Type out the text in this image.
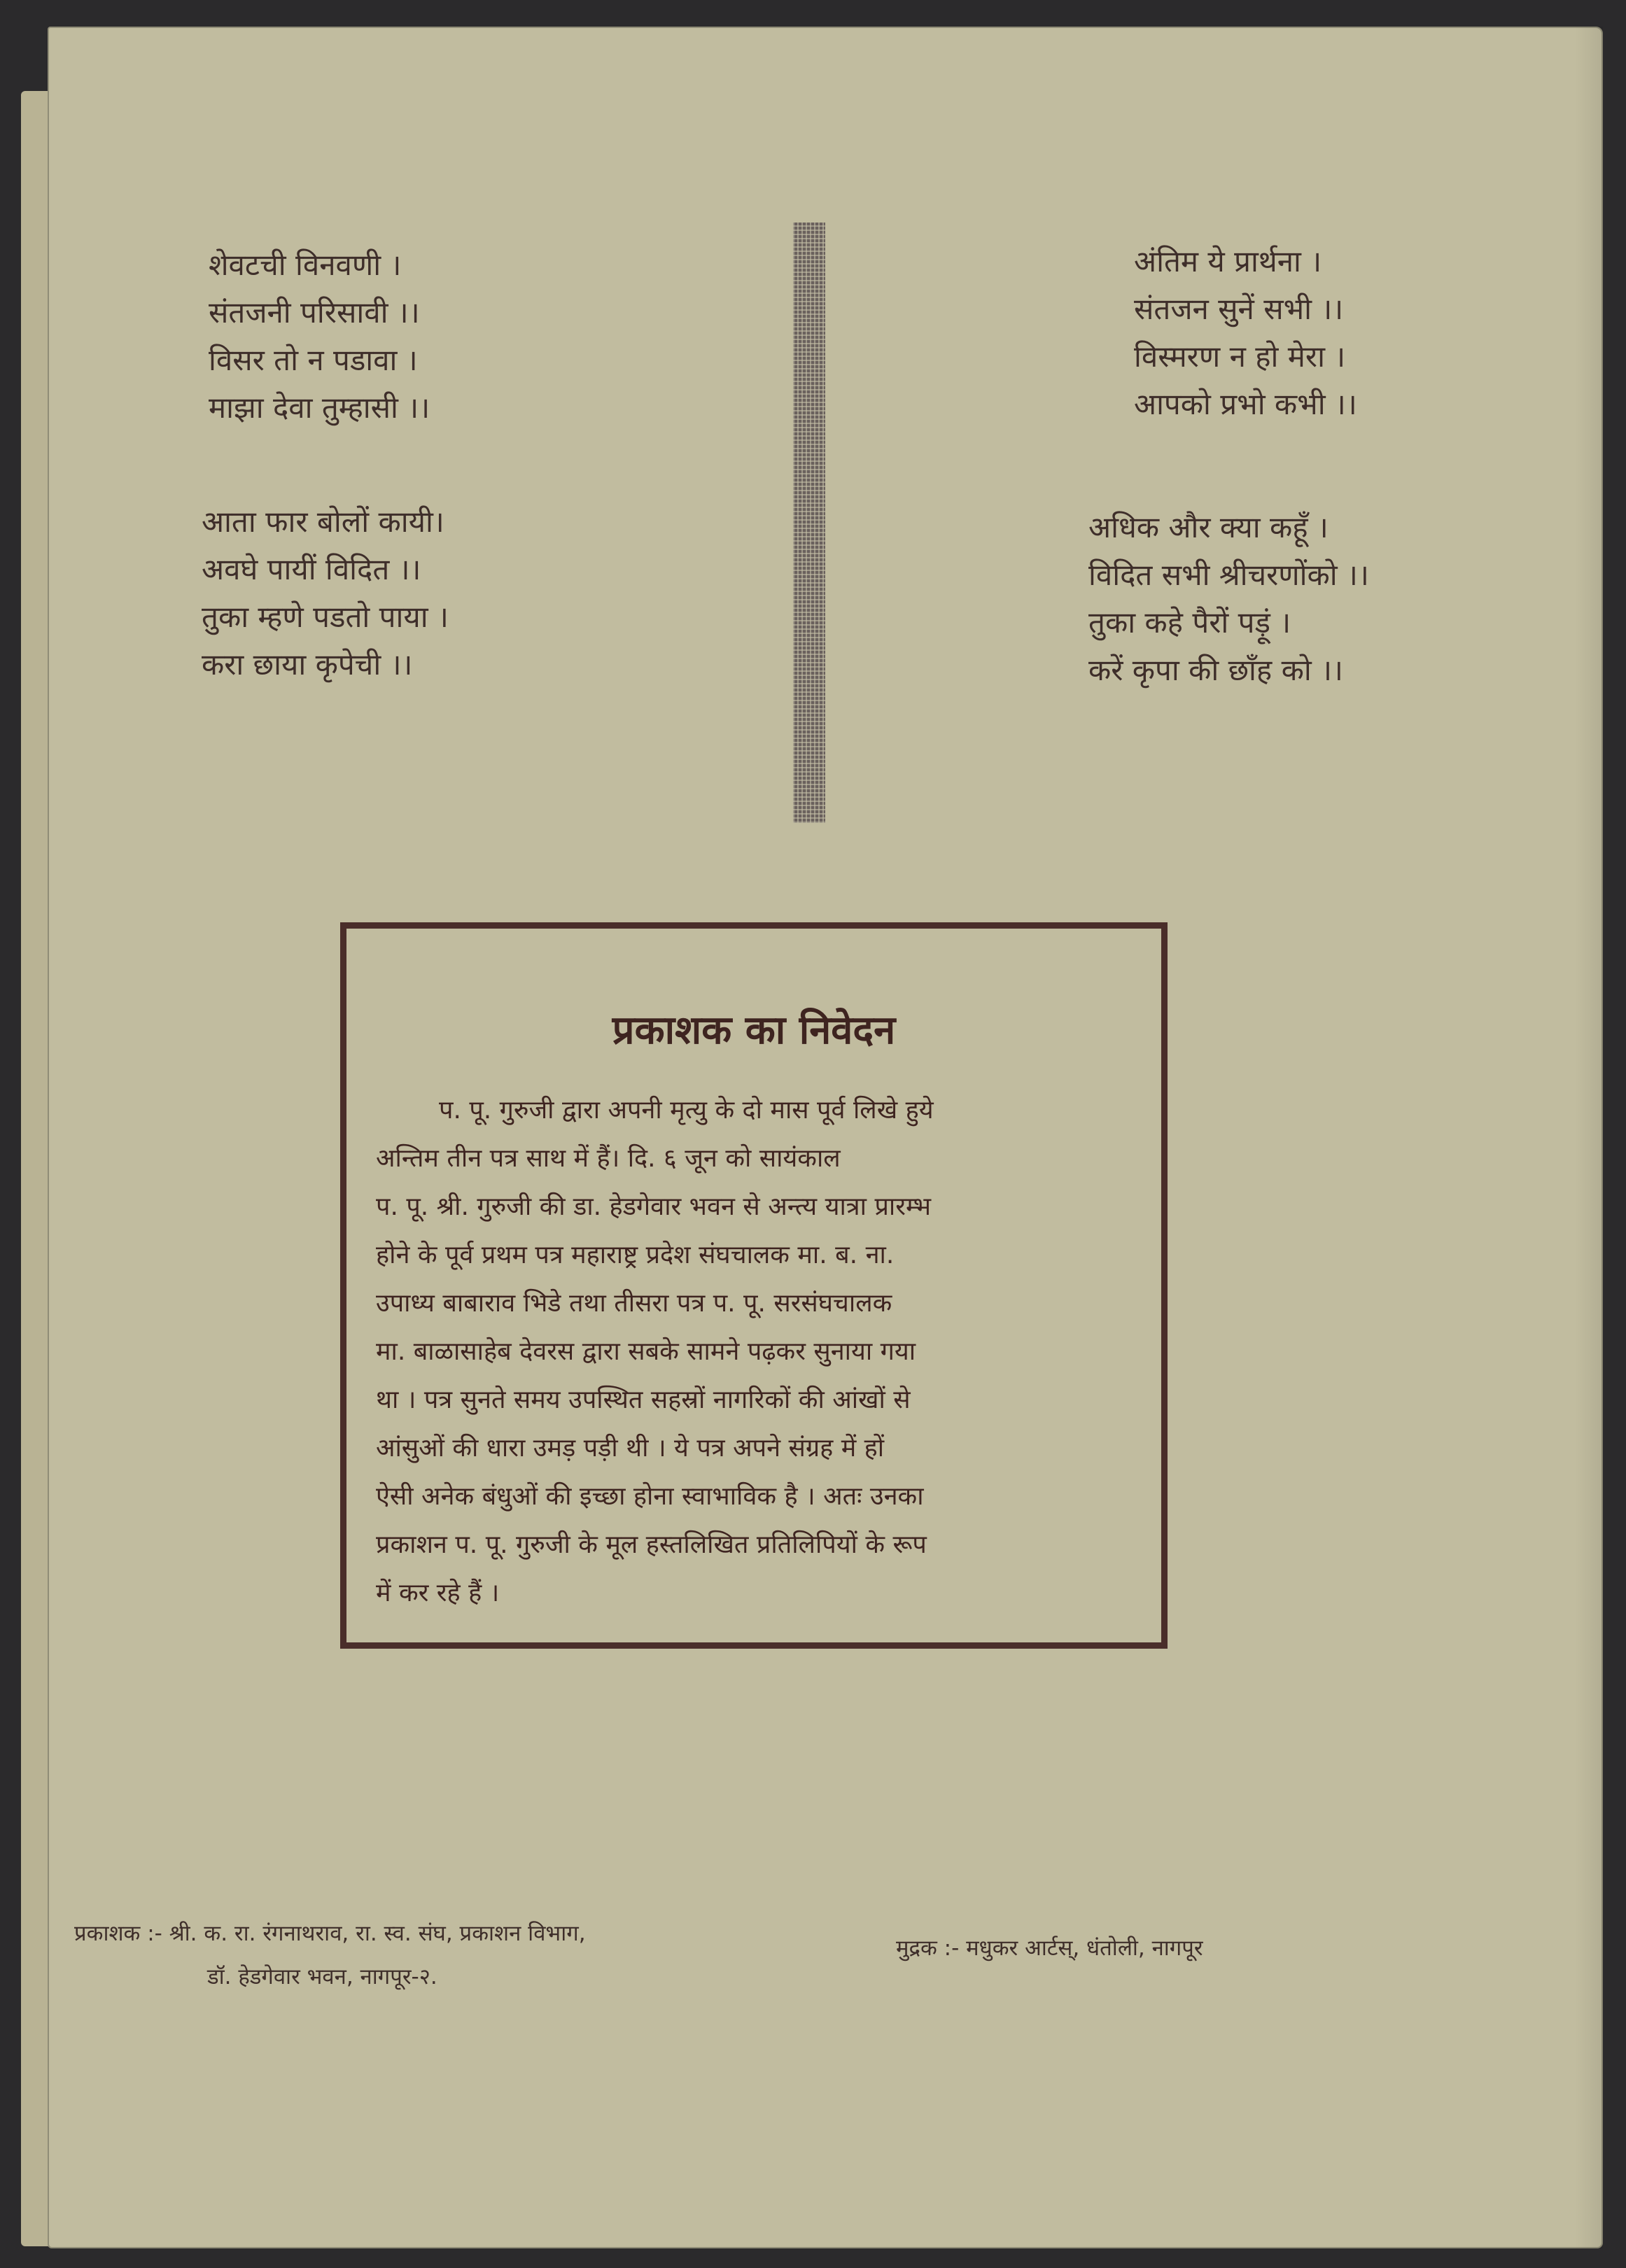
शेवटची विनवणी ।
संतजनी परिसावी ।।
विसर तो न पडावा ।
माझा देवा तुम्हासी ।।
आता फार बोलों कायी।
अवघे पायीं विदित ।।
तुका म्हणे पडतो पाया ।
करा छाया कृपेची ।।
अंतिम ये प्रार्थना ।
संतजन सुनें सभी ।।
विस्मरण न हो मेरा ।
आपको प्रभो कभी ।।
अधिक और क्या कहूँ ।
विदित सभी श्रीचरणोंको ।।
तुका कहे पैरों पड़ूं ।
करें कृपा की छाँह को ।।
प्रकाशक का निवेदन
प. पू. गुरुजी द्वारा अपनी मृत्यु के दो मास पूर्व लिखे हुये
अन्तिम तीन पत्र साथ में हैं। दि. ६ जून को सायंकाल
प. पू. श्री. गुरुजी की डा. हेडगेवार भवन से अन्त्य यात्रा प्रारम्भ
होने के पूर्व प्रथम पत्र महाराष्ट्र प्रदेश संघचालक मा. ब. ना.
उपाध्य बाबाराव भिडे तथा तीसरा पत्र प. पू. सरसंघचालक
मा. बाळासाहेब देवरस द्वारा सबके सामने पढ़कर सुनाया गया
था । पत्र सुनते समय उपस्थित सहस्रों नागरिकों की आंखों से
आंसुओं की धारा उमड़ पड़ी थी । ये पत्र अपने संग्रह में हों
ऐसी अनेक बंधुओं की इच्छा होना स्वाभाविक है । अतः उनका
प्रकाशन प. पू. गुरुजी के मूल हस्तलिखित प्रतिलिपियों के रूप
में कर रहे हैं ।
प्रकाशक :- श्री. क. रा. रंगनाथराव, रा. स्व. संघ, प्रकाशन विभाग,
डॉ. हेडगेवार भवन, नागपूर-२.
मुद्रक :- मधुकर आर्टस्, धंतोली, नागपूर
